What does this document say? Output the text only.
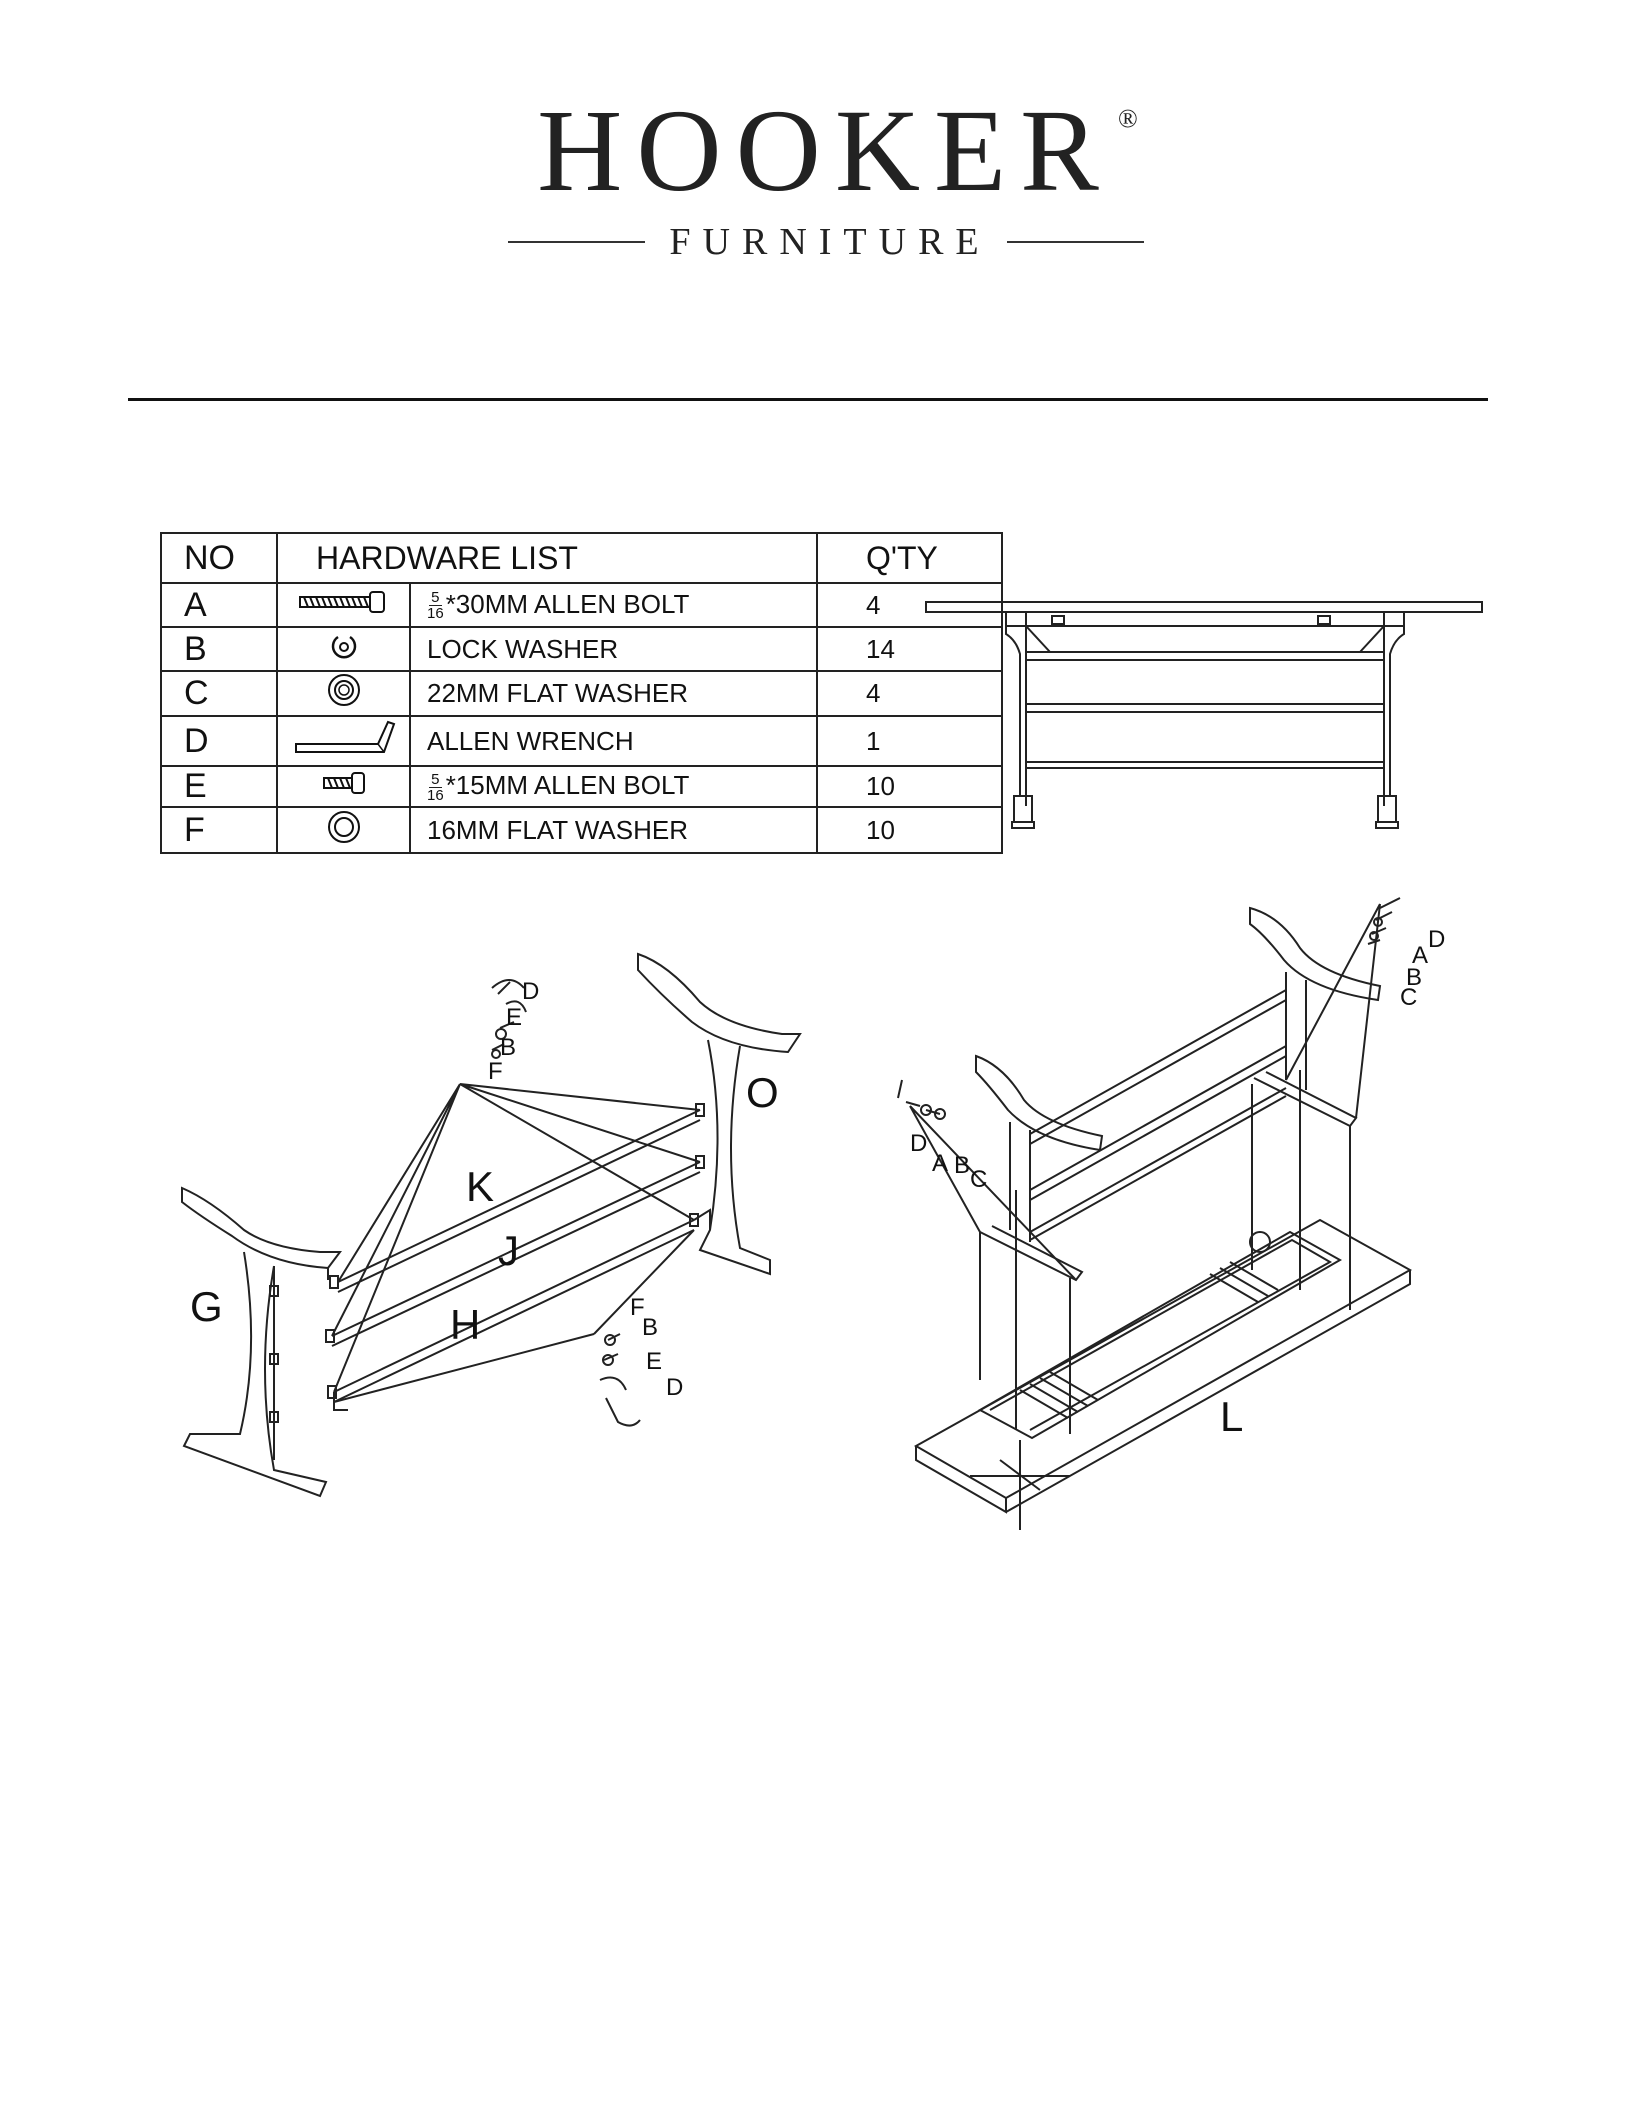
HOOKER ®
FURNITURE
NO	HARDWARE LIST		Q'TY
A		$\frac{5}{16} *30MM$ ALLEN BOLT	4
B		LOCK WASHER	14
C		22MM FLAT WASHER	4
D		ALLEN WRENCH	1
E		$\frac{5}{16} *15MM$ ALLEN BOLT	10
F		16MM FLAT WASHER	10
G
O
K
J
H
D
E
B
F
F
B
E
D
D
A
B
C
D
A B
C
L
